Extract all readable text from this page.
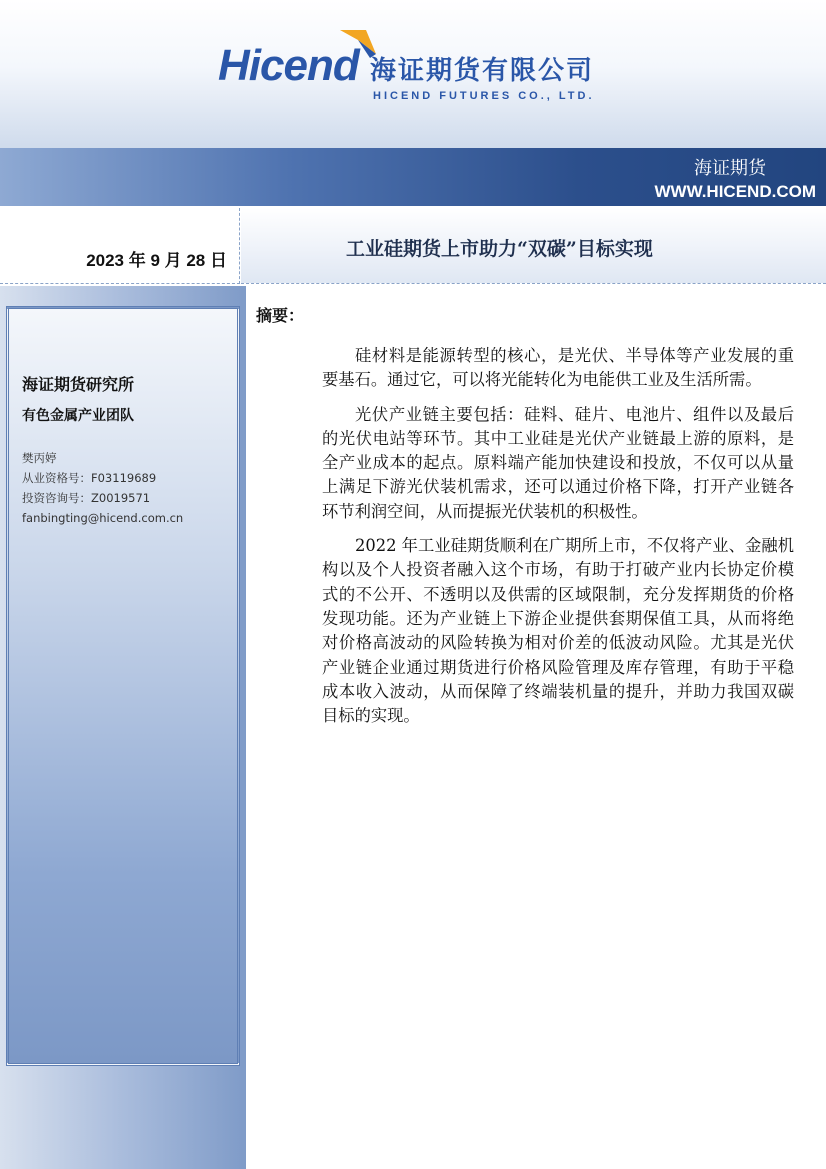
Hicend 海证期货有限公司
HICEND FUTURES CO., LTD.
海证期货
WWW.HICEND.COM
2023 年 9 月 28 日
工业硅期货上市助力“双碳”目标实现
海证期货研究所
有色金属产业团队
樊丙婷
从业资格号：F03119689
投资咨询号：Z0019571
fanbingting@hicend.com.cn
摘要：

硅材料是能源转型的核心，是光伏、半导体等产业发展的重要基石。通过它，可以将光能转化为电能供工业及生活所需。

光伏产业链主要包括：硅料、硅片、电池片、组件以及最后的光伏电站等环节。其中工业硅是光伏产业链最上游的原料，是全产业成本的起点。原料端产能加快建设和投放，不仅可以从量上满足下游光伏装机需求，还可以通过价格下降，打开产业链各环节利润空间，从而提振光伏装机的积极性。

2022 年工业硅期货顺利在广期所上市，不仅将产业、金融机构以及个人投资者融入这个市场，有助于打破产业内长协定价模式的不公开、不透明以及供需的区域限制，充分发挥期货的价格发现功能。还为产业链上下游企业提供套期保值工具，从而将绝对价格高波动的风险转换为相对价差的低波动风险。尤其是光伏产业链企业通过期货进行价格风险管理及库存管理，有助于平稳成本收入波动，从而保障了终端装机量的提升，并助力我国双碳目标的实现。
